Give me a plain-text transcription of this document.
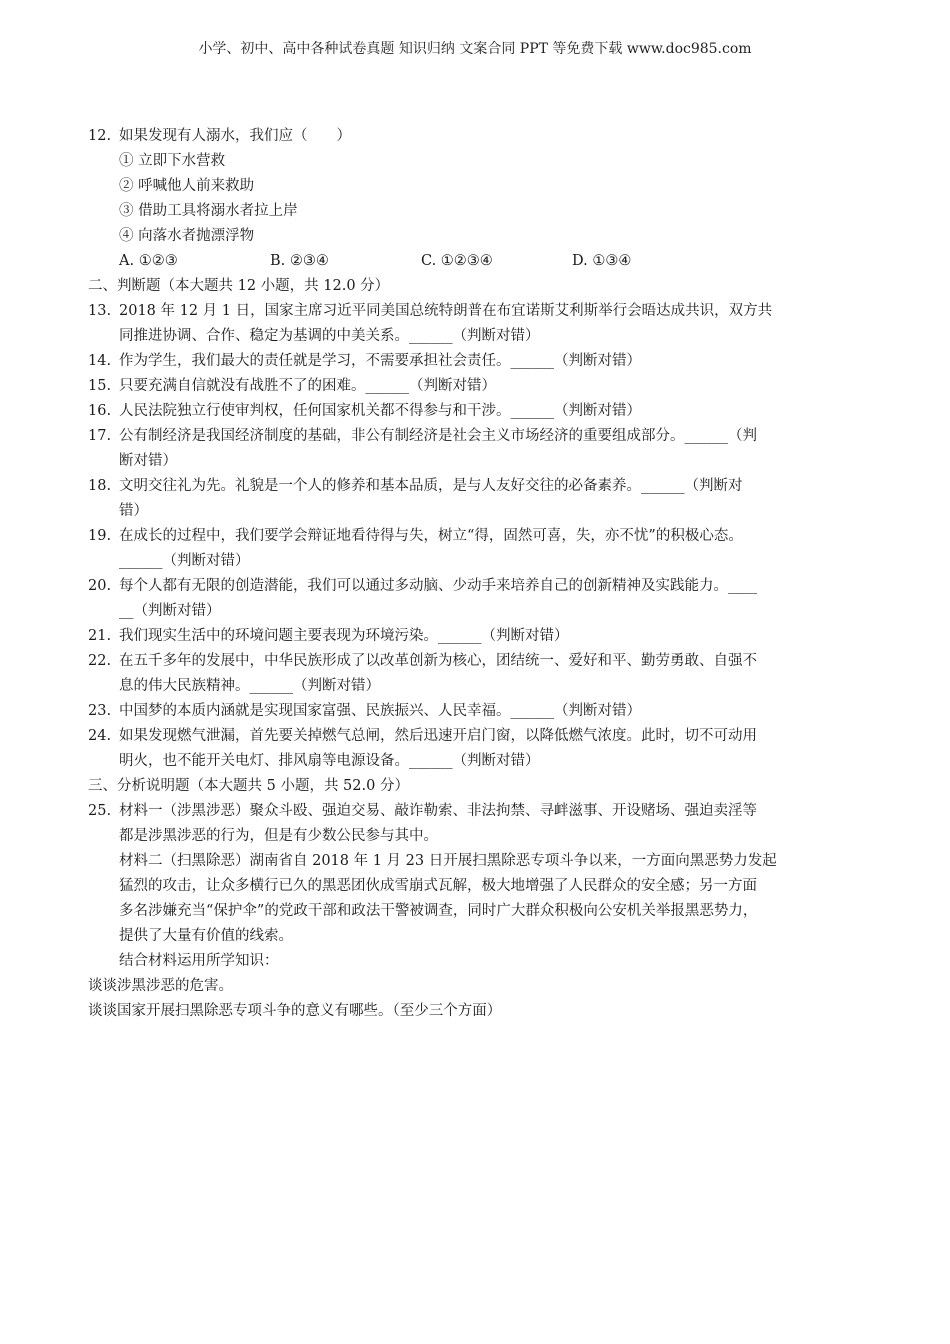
小学、初中、高中各种试卷真题 知识归纳 文案合同 PPT 等免费下载 www.doc985.com
12. 如果发现有人溺水，我们应（　　）
① 立即下水营救
② 呼喊他人前来救助
③ 借助工具将溺水者拉上岸
④ 向落水者抛漂浮物
A. ①②③	B. ②③④	C. ①②③④	D. ①③④
二、判断题（本大题共 12 小题，共 12.0 分）
13. 2018 年 12 月 1 日，国家主席习近平同美国总统特朗普在布宜诺斯艾利斯举行会晤达成共识，双方共
同推进协调、合作、稳定为基调的中美关系。______（判断对错）
14. 作为学生，我们最大的责任就是学习，不需要承担社会责任。______（判断对错）
15. 只要充满自信就没有战胜不了的困难。______（判断对错）
16. 人民法院独立行使审判权，任何国家机关都不得参与和干涉。______（判断对错）
17. 公有制经济是我国经济制度的基础，非公有制经济是社会主义市场经济的重要组成部分。______（判
断对错）
18. 文明交往礼为先。礼貌是一个人的修养和基本品质，是与人友好交往的必备素养。______（判断对
错）
19. 在成长的过程中，我们要学会辩证地看待得与失，树立“得，固然可喜，失，亦不忧”的积极心态。
______（判断对错）
20. 每个人都有无限的创造潜能，我们可以通过多动脑、少动手来培养自己的创新精神及实践能力。____
__（判断对错）
21. 我们现实生活中的环境问题主要表现为环境污染。______（判断对错）
22. 在五千多年的发展中，中华民族形成了以改革创新为核心，团结统一、爱好和平、勤劳勇敢、自强不
息的伟大民族精神。______（判断对错）
23. 中国梦的本质内涵就是实现国家富强、民族振兴、人民幸福。______（判断对错）
24. 如果发现燃气泄漏，首先要关掉燃气总闸，然后迅速开启门窗，以降低燃气浓度。此时，切不可动用
明火，也不能开关电灯、排风扇等电源设备。______（判断对错）
三、分析说明题（本大题共 5 小题，共 52.0 分）
25. 材料一（涉黑涉恶）聚众斗殴、强迫交易、敲诈勒索、非法拘禁、寻衅滋事、开设赌场、强迫卖淫等
都是涉黑涉恶的行为，但是有少数公民参与其中。
材料二（扫黑除恶）湖南省自 2018 年 1 月 23 日开展扫黑除恶专项斗争以来，一方面向黑恶势力发起
猛烈的攻击，让众多横行已久的黑恶团伙成雪崩式瓦解，极大地增强了人民群众的安全感；另一方面
多名涉嫌充当“保护伞”的党政干部和政法干警被调查，同时广大群众积极向公安机关举报黑恶势力，
提供了大量有价值的线索。
结合材料运用所学知识：
谈谈涉黑涉恶的危害。
谈谈国家开展扫黑除恶专项斗争的意义有哪些。（至少三个方面）
